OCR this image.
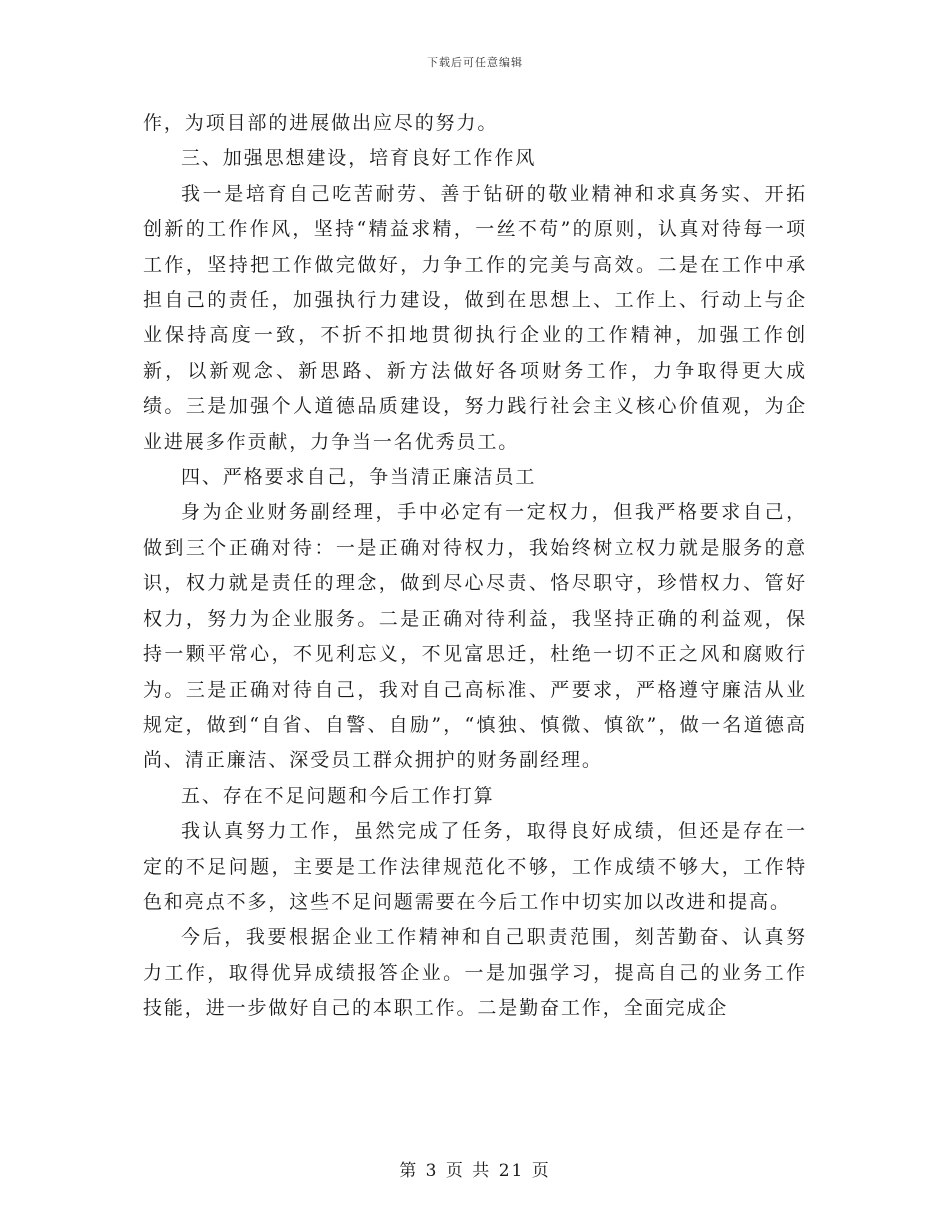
下载后可任意编辑

作，为项目部的进展做出应尽的努力。

三、加强思想建设，培育良好工作作风

我一是培育自己吃苦耐劳、善于钻研的敬业精神和求真务实、开拓创新的工作作风，坚持“精益求精，一丝不苟”的原则，认真对待每一项工作，坚持把工作做完做好，力争工作的完美与高效。二是在工作中承担自己的责任，加强执行力建设，做到在思想上、工作上、行动上与企业保持高度一致，不折不扣地贯彻执行企业的工作精神，加强工作创新，以新观念、新思路、新方法做好各项财务工作，力争取得更大成绩。三是加强个人道德品质建设，努力践行社会主义核心价值观，为企业进展多作贡献，力争当一名优秀员工。

四、严格要求自己，争当清正廉洁员工

身为企业财务副经理，手中必定有一定权力，但我严格要求自己，做到三个正确对待：一是正确对待权力，我始终树立权力就是服务的意识，权力就是责任的理念，做到尽心尽责、恪尽职守，珍惜权力、管好权力，努力为企业服务。二是正确对待利益，我坚持正确的利益观，保持一颗平常心，不见利忘义，不见富思迁，杜绝一切不正之风和腐败行为。三是正确对待自己，我对自己高标准、严要求，严格遵守廉洁从业规定，做到“自省、自警、自励”，“慎独、慎微、慎欲”，做一名道德高尚、清正廉洁、深受员工群众拥护的财务副经理。

五、存在不足问题和今后工作打算

我认真努力工作，虽然完成了任务，取得良好成绩，但还是存在一定的不足问题，主要是工作法律规范化不够，工作成绩不够大，工作特色和亮点不多，这些不足问题需要在今后工作中切实加以改进和提高。

今后，我要根据企业工作精神和自己职责范围，刻苦勤奋、认真努力工作，取得优异成绩报答企业。一是加强学习，提高自己的业务工作技能，进一步做好自己的本职工作。二是勤奋工作，全面完成企

第 3 页 共 21 页
